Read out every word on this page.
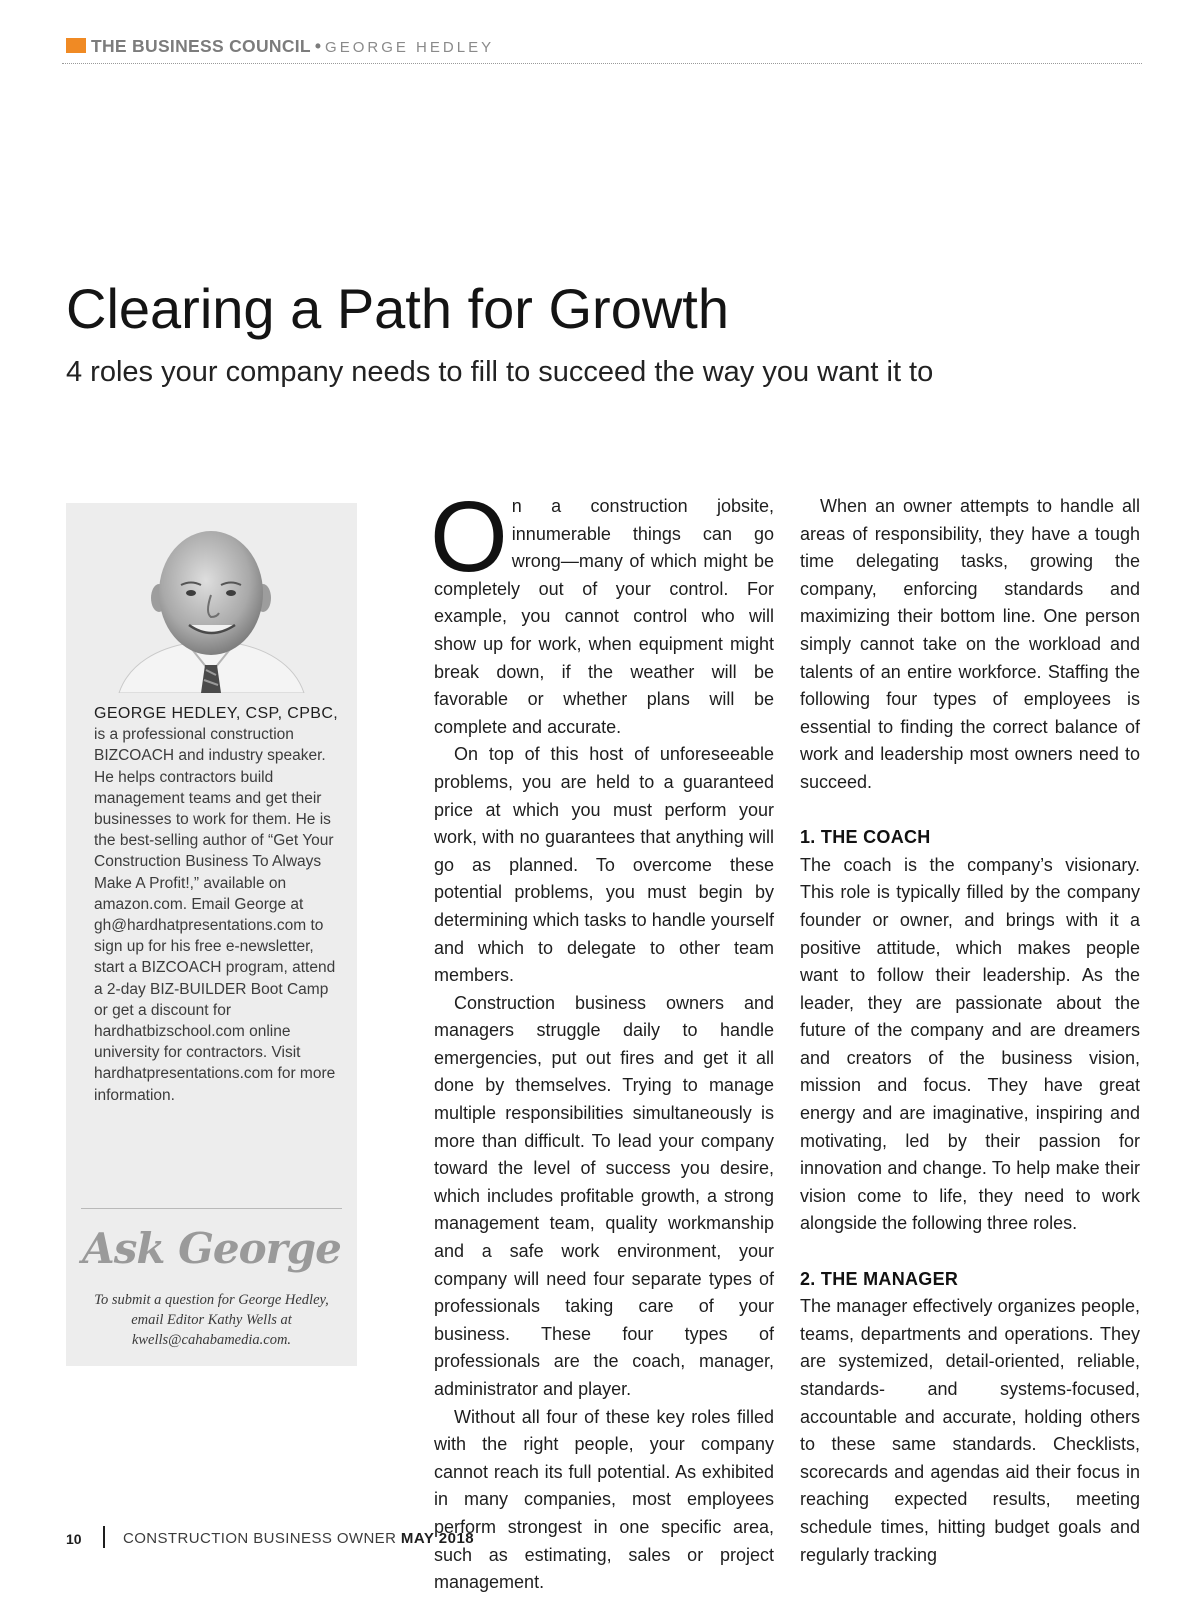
THE BUSINESS COUNCIL • GEORGE HEDLEY
Clearing a Path for Growth
4 roles your company needs to fill to succeed the way you want it to
GEORGE HEDLEY, CSP, CPBC, is a professional construction BIZCOACH and industry speaker. He helps contractors build management teams and get their businesses to work for them. He is the best-selling author of “Get Your Construction Business To Always Make A Profit!,” available on amazon.com. Email George at gh@hardhatpresentations.com to sign up for his free e-newsletter, start a BIZCOACH program, attend a 2-day BIZ-BUILDER Boot Camp or get a discount for hardhatbizschool.com online university for contractors. Visit hardhatpresentations.com for more information.
Ask George
To submit a question for George Hedley, email Editor Kathy Wells at kwells@cahabamedia.com.

On a construction jobsite, innumerable things can go wrong—many of which might be completely out of your control. For example, you cannot control who will show up for work, when equipment might break down, if the weather will be favorable or whether plans will be complete and accurate.

On top of this host of unforeseeable problems, you are held to a guaranteed price at which you must perform your work, with no guarantees that anything will go as planned. To overcome these potential problems, you must begin by determining which tasks to handle yourself and which to delegate to other team members.

Construction business owners and managers struggle daily to handle emergencies, put out fires and get it all done by themselves. Trying to manage multiple responsibilities simultaneously is more than difficult. To lead your company toward the level of success you desire, which includes profitable growth, a strong management team, quality workmanship and a safe work environment, your company will need four separate types of professionals taking care of your business. These four types of professionals are the coach, manager, administrator and player.

Without all four of these key roles filled with the right people, your company cannot reach its full potential. As exhibited in many companies, most employees perform strongest in one specific area, such as estimating, sales or project management.

When an owner attempts to handle all areas of responsibility, they have a tough time delegating tasks, growing the company, enforcing standards and maximizing their bottom line. One person simply cannot take on the workload and talents of an entire workforce. Staffing the following four types of employees is essential to finding the correct balance of work and leadership most owners need to succeed.

1. THE COACH

The coach is the company’s visionary. This role is typically filled by the company founder or owner, and brings with it a positive attitude, which makes people want to follow their leadership. As the leader, they are passionate about the future of the company and are dreamers and creators of the business vision, mission and focus. They have great energy and are imaginative, inspiring and motivating, led by their passion for innovation and change. To help make their vision come to life, they need to work alongside the following three roles.

2. THE MANAGER

The manager effectively organizes people, teams, departments and operations. They are systemized, detail-oriented, reliable, standards- and systems-focused, accountable and accurate, holding others to these same standards. Checklists, scorecards and agendas aid their focus in reaching expected results, meeting schedule times, hitting budget goals and regularly tracking

10	CONSTRUCTION BUSINESS OWNER MAY 2018
